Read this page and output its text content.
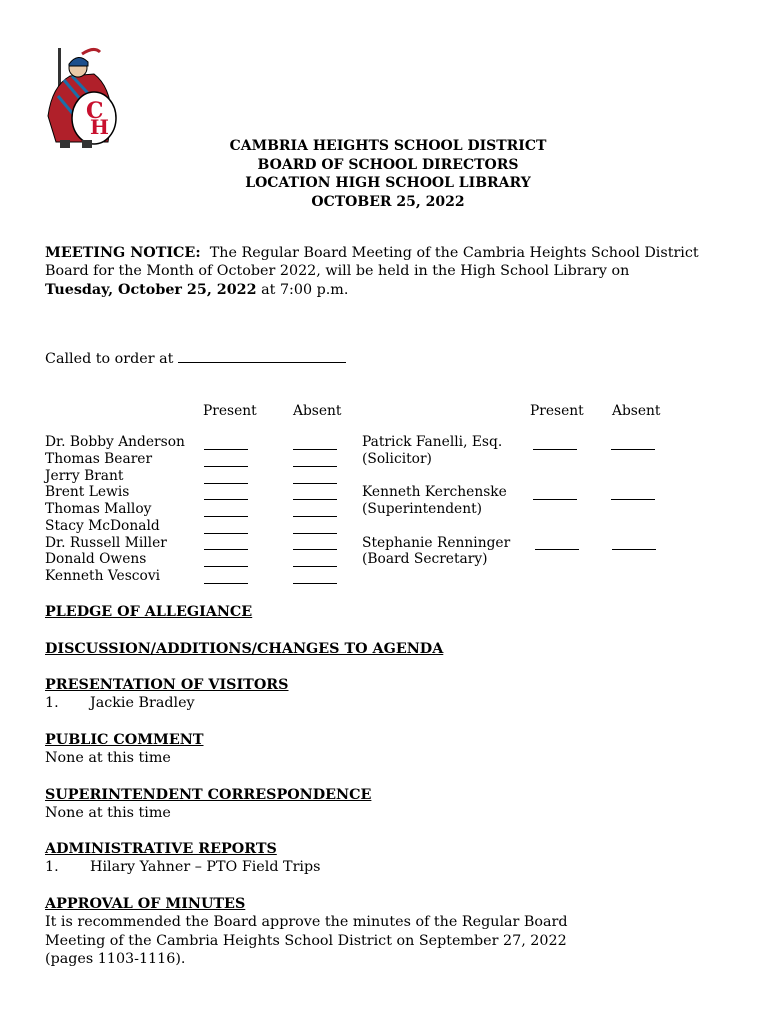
C
H
CAMBRIA HEIGHTS SCHOOL DISTRICT
BOARD OF SCHOOL DIRECTORS
LOCATION HIGH SCHOOL LIBRARY
OCTOBER 25, 2022
MEETING NOTICE: The Regular Board Meeting of the Cambria Heights School District
Board for the Month of October 2022, will be held in the High School Library on
Tuesday, October 25, 2022 at 7:00 p.m.
Called to order at
Present	Absent	Present Absent
Dr. Bobby Anderson
Thomas Bearer
Jerry Brant
Brent Lewis
Thomas Malloy
Stacy McDonald
Dr. Russell Miller
Donald Owens
Kenneth Vescovi
Patrick Fanelli, Esq.
(Solicitor)
Kenneth Kerchenske
(Superintendent)
Stephanie Renninger
(Board Secretary)
PLEDGE OF ALLEGIANCE
DISCUSSION/ADDITIONS/CHANGES TO AGENDA
PRESENTATION OF VISITORS
1. Jackie Bradley
PUBLIC COMMENT
None at this time
SUPERINTENDENT CORRESPONDENCE
None at this time
ADMINISTRATIVE REPORTS
1. Hilary Yahner – PTO Field Trips
APPROVAL OF MINUTES
It is recommended the Board approve the minutes of the Regular Board
Meeting of the Cambria Heights School District on September 27, 2022
(pages 1103-1116).
